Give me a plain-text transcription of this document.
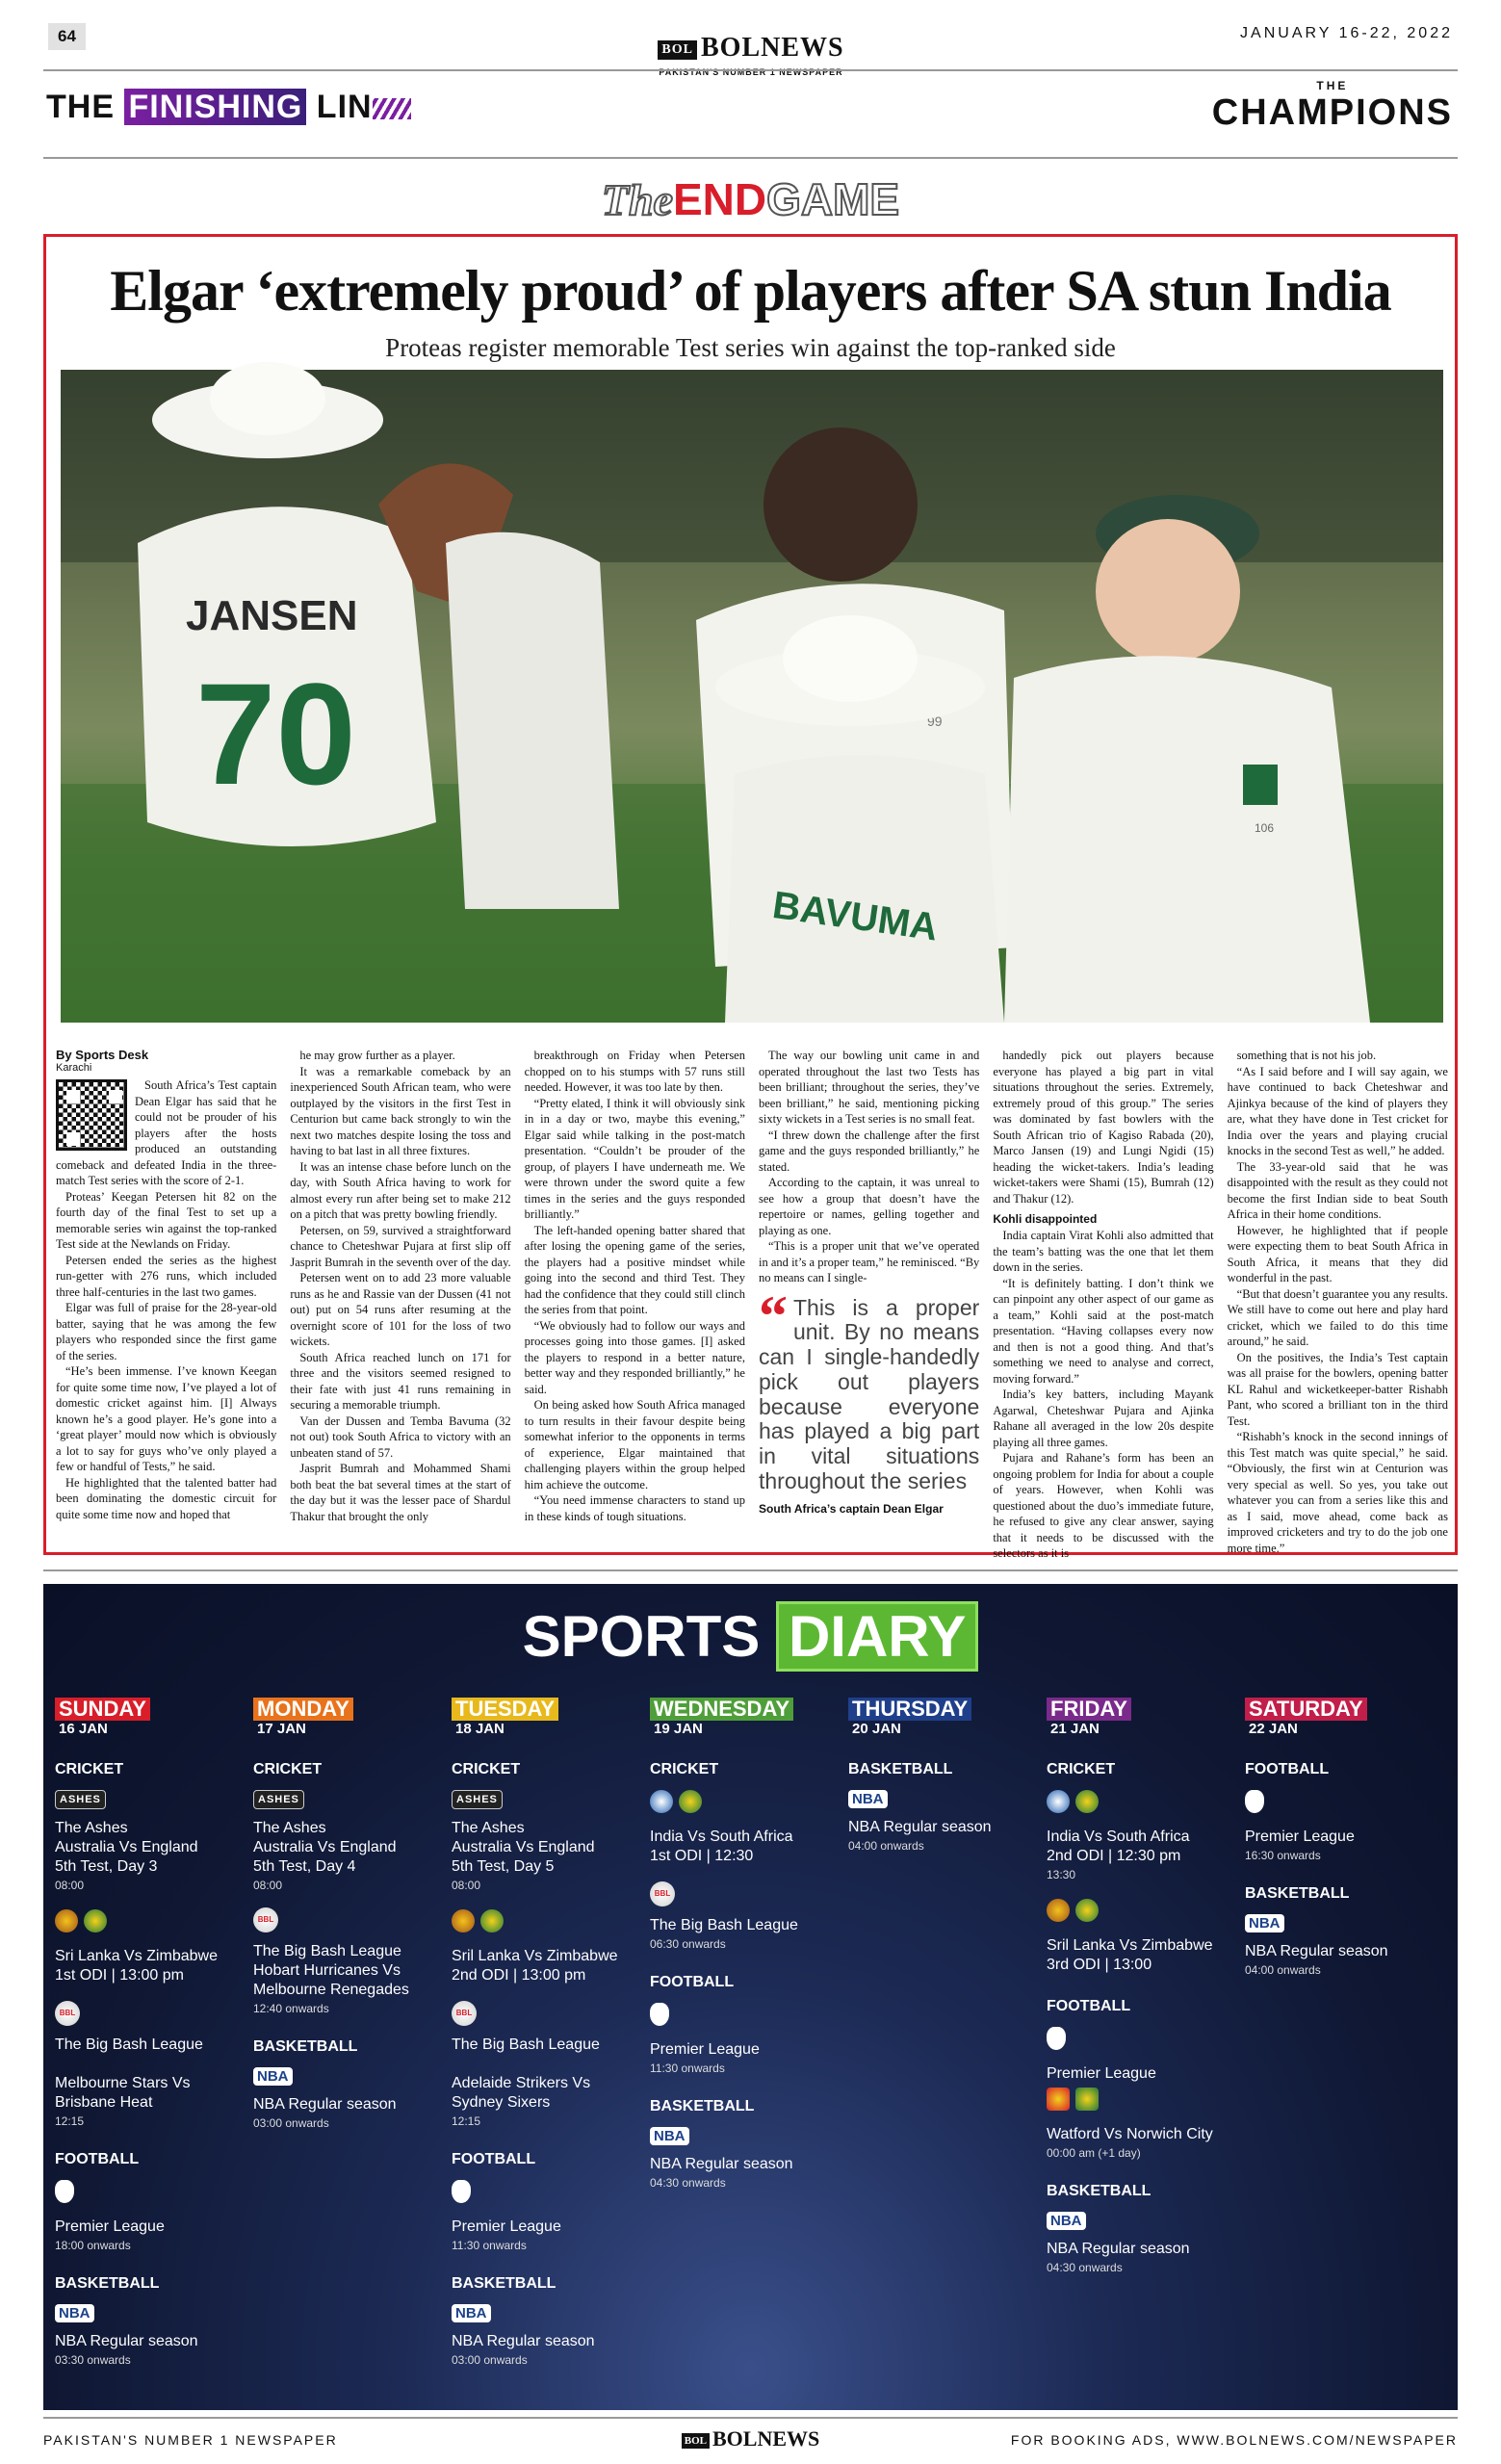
64
BOL BOLNEWS
PAKISTAN'S NUMBER 1 NEWSPAPER
JANUARY 16-22, 2022
THE FINISHING LIN
THE
CHAMPIONS
TheENDGAME
Elgar ‘extremely proud’ of players after SA stun India
Proteas register memorable Test series win against the top-ranked side
JANSEN
70	99
BAVUMA
106
By Sports Desk
Karachi

South Africa’s Test captain Dean Elgar has said that he could not be prouder of his players after the hosts produced an outstanding comeback and defeated India in the three-match Test series with the score of 2-1.

Proteas’ Keegan Petersen hit 82 on the fourth day of the final Test to set up a memorable series win against the top-ranked Test side at the Newlands on Friday.

Petersen ended the series as the highest run-getter with 276 runs, which included three half-centuries in the last two games.

Elgar was full of praise for the 28-year-old batter, saying that he was among the few players who responded since the first game of the series.

“He’s been immense. I’ve known Keegan for quite some time now, I’ve played a lot of domestic cricket against him. [I] Always known he’s a good player. He’s gone into a ‘great player’ mould now which is obviously a lot to say for guys who’ve only played a few or handful of Tests,” he said.

He highlighted that the talented batter had been dominating the domestic circuit for quite some time now and hoped that

he may grow further as a player.

It was a remarkable comeback by an inexperienced South African team, who were outplayed by the visitors in the first Test in Centurion but came back strongly to win the next two matches despite losing the toss and having to bat last in all three fixtures.

It was an intense chase before lunch on the day, with South Africa having to work for almost every run after being set to make 212 on a pitch that was pretty bowling friendly.

Petersen, on 59, survived a straightforward chance to Cheteshwar Pujara at first slip off Jasprit Bumrah in the seventh over of the day.

Petersen went on to add 23 more valuable runs as he and Rassie van der Dussen (41 not out) put on 54 runs after resuming at the overnight score of 101 for the loss of two wickets.

South Africa reached lunch on 171 for three and the visitors seemed resigned to their fate with just 41 runs remaining in securing a memorable triumph.

Van der Dussen and Temba Bavuma (32 not out) took South Africa to victory with an unbeaten stand of 57.

Jasprit Bumrah and Mohammed Shami both beat the bat several times at the start of the day but it was the lesser pace of Shardul Thakur that brought the only

breakthrough on Friday when Petersen chopped on to his stumps with 57 runs still needed. However, it was too late by then.

“Pretty elated, I think it will obviously sink in in a day or two, maybe this evening,” Elgar said while talking in the post-match presentation. “Couldn’t be prouder of the group, of players I have underneath me. We were thrown under the sword quite a few times in the series and the guys responded brilliantly.”

The left-handed opening batter shared that after losing the opening game of the series, the players had a positive mindset while going into the second and third Test. They had the confidence that they could still clinch the series from that point.

“We obviously had to follow our ways and processes going into those games. [I] asked the players to respond in a better nature, better way and they responded brilliantly,” he said.

On being asked how South Africa managed to turn results in their favour despite being somewhat inferior to the opponents in terms of experience, Elgar maintained that challenging players within the group helped him achieve the outcome.

“You need immense characters to stand up in these kinds of tough situations.

The way our bowling unit came in and operated throughout the last two Tests has been brilliant; throughout the series, they’ve been brilliant,” he said, mentioning picking sixty wickets in a Test series is no small feat.

“I threw down the challenge after the first game and the guys responded brilliantly,” he stated.

According to the captain, it was unreal to see how a group that doesn’t have the repertoire or names, gelling together and playing as one.

“This is a proper unit that we’ve operated in and it’s a proper team,” he reminisced. “By no means can I single-

“ This is a proper unit. By no means can I single-handedly pick out players because everyone has played a big part in vital situations throughout the series
South Africa’s captain Dean Elgar

handedly pick out players because everyone has played a big part in vital situations throughout the series. Extremely, extremely proud of this group.” The series was dominated by fast bowlers with the South African trio of Kagiso Rabada (20), Marco Jansen (19) and Lungi Ngidi (15) heading the wicket-takers. India’s leading wicket-takers were Shami (15), Bumrah (12) and Thakur (12).

Kohli disappointed

India captain Virat Kohli also admitted that the team’s batting was the one that let them down in the series.

“It is definitely batting. I don’t think we can pinpoint any other aspect of our game as a team,” Kohli said at the post-match presentation. “Having collapses every now and then is not a good thing. And that’s something we need to analyse and correct, moving forward.”

India’s key batters, including Mayank Agarwal, Cheteshwar Pujara and Ajinka Rahane all averaged in the low 20s despite playing all three games.

Pujara and Rahane’s form has been an ongoing problem for India for about a couple of years. However, when Kohli was questioned about the duo’s immediate future, he refused to give any clear answer, saying that it needs to be discussed with the selectors as it is

something that is not his job.

“As I said before and I will say again, we have continued to back Cheteshwar and Ajinkya because of the kind of players they are, what they have done in Test cricket for India over the years and playing crucial knocks in the second Test as well,” he added.

The 33-year-old said that he was disappointed with the result as they could not become the first Indian side to beat South Africa in their home conditions.

However, he highlighted that if people were expecting them to beat South Africa in South Africa, it means that they did wonderful in the past.

“But that doesn’t guarantee you any results. We still have to come out here and play hard cricket, which we failed to do this time around,” he said.

On the positives, the India’s Test captain was all praise for the bowlers, opening batter KL Rahul and wicketkeeper-batter Rishabh Pant, who scored a brilliant ton in the third Test.

“Rishabh’s knock in the second innings of this Test match was quite special,” he said. “Obviously, the first win at Centurion was very special as well. So yes, you take out whatever you can from a series like this and as I said, move ahead, come back as improved cricketers and try to do the job one more time.”

SPORTS DIARY
SUNDAY
16 JAN
CRICKET
ASHES
The Ashes
Australia Vs England
5th Test, Day 3
08:00
Sri Lanka Vs Zimbabwe
1st ODI | 13:00 pm
BBL
The Big Bash League
Melbourne Stars Vs Brisbane Heat
12:15
FOOTBALL
Premier League
18:00 onwards
BASKETBALL
NBA
NBA Regular season
03:30 onwards
MONDAY
17 JAN
CRICKET
ASHES
The Ashes
Australia Vs England
5th Test, Day 4
08:00
BBL
The Big Bash League
Hobart Hurricanes Vs Melbourne Renegades
12:40 onwards
BASKETBALL
NBA
NBA Regular season
03:00 onwards
TUESDAY
18 JAN
CRICKET
ASHES
The Ashes
Australia Vs England
5th Test, Day 5
08:00
Sril Lanka Vs Zimbabwe
2nd ODI | 13:00 pm
BBL
The Big Bash League
Adelaide Strikers Vs Sydney Sixers
12:15
FOOTBALL
Premier League
11:30 onwards
BASKETBALL
NBA
NBA Regular season
03:00 onwards
WEDNESDAY
19 JAN
CRICKET
India Vs South Africa
1st ODI | 12:30
BBL
The Big Bash League
06:30 onwards
FOOTBALL
Premier League
11:30 onwards
BASKETBALL
NBA
NBA Regular season
04:30 onwards
THURSDAY
20 JAN
BASKETBALL
NBA
NBA Regular season
04:00 onwards
FRIDAY
21 JAN
CRICKET
India Vs South Africa
2nd ODI | 12:30 pm
13:30
Sril Lanka Vs Zimbabwe
3rd ODI | 13:00
FOOTBALL
Premier League
Watford Vs Norwich City
00:00 am (+1 day)
BASKETBALL
NBA
NBA Regular season
04:30 onwards
SATURDAY
22 JAN
FOOTBALL
Premier League
16:30 onwards
BASKETBALL
NBA
NBA Regular season
04:00 onwards
PAKISTAN'S NUMBER 1 NEWSPAPER	BOL BOLNEWS	FOR BOOKING ADS, WWW.BOLNEWS.COM/NEWSPAPER
